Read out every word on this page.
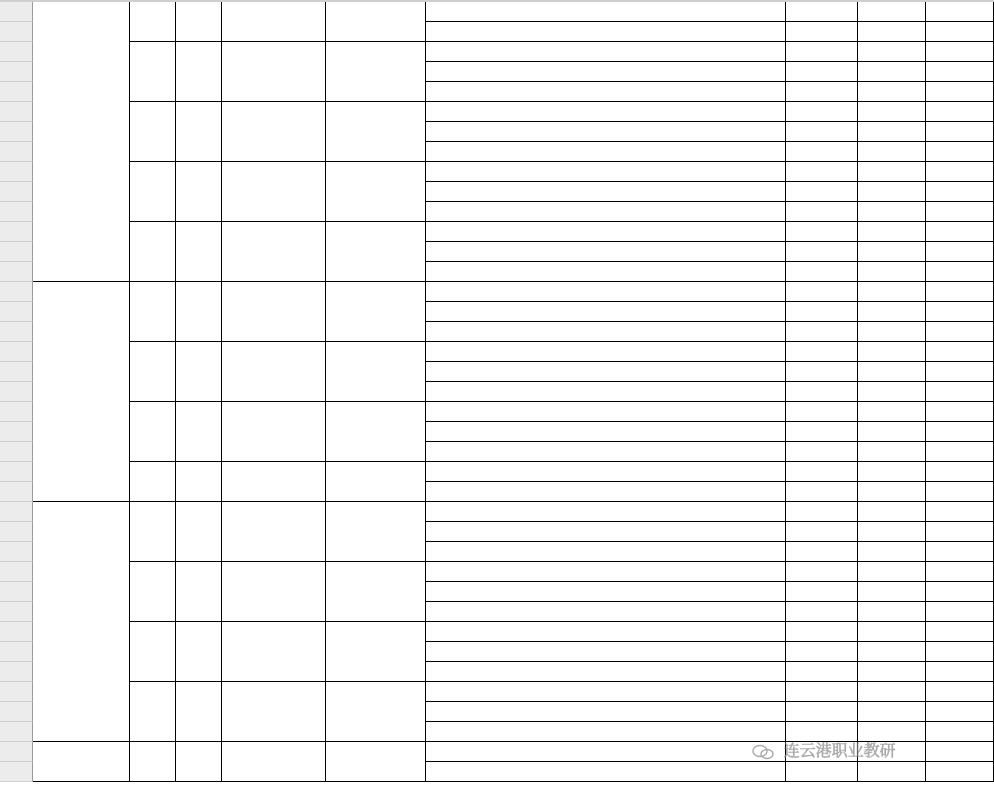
连云港职业教研
